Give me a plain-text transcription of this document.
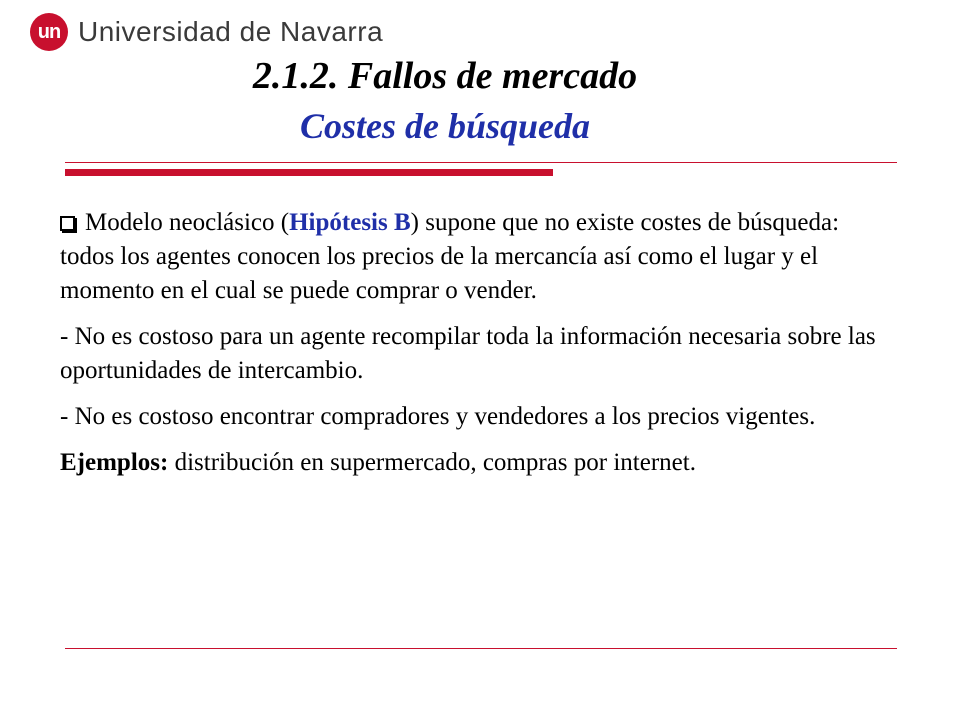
un Universidad de Navarra
2.1.2. Fallos de mercado
Costes de búsqueda

Modelo neoclásico (Hipótesis B) supone que no existe costes de búsqueda: todos los agentes conocen los precios de la mercancía así como el lugar y el momento en el cual se puede comprar o vender.

- No es costoso para un agente recompilar toda la información necesaria sobre las oportunidades de intercambio.

- No es costoso encontrar compradores y vendedores a los precios vigentes.

Ejemplos: distribución en supermercado, compras por internet.
